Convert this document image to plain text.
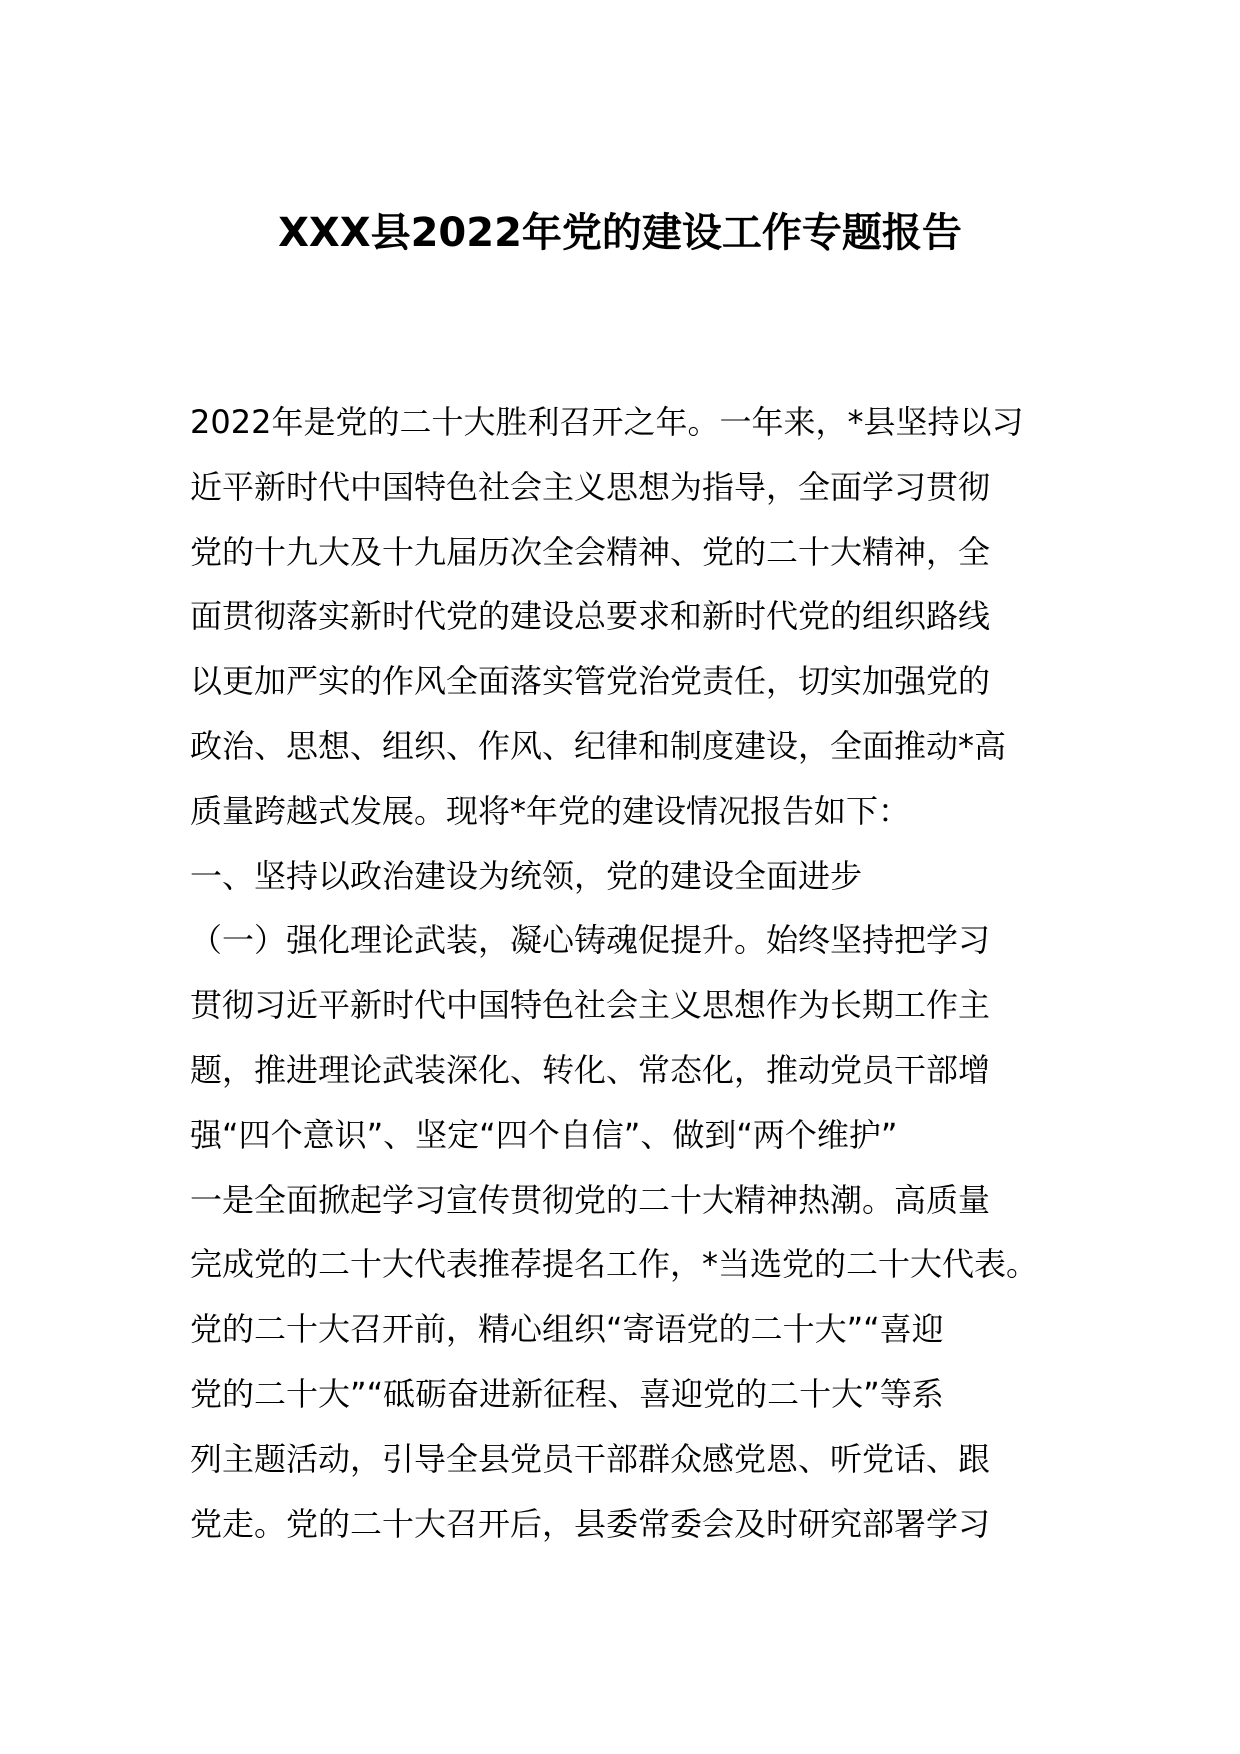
XXX县2022年党的建设工作专题报告
2022年是党的二十大胜利召开之年。一年来，*县坚持以习
近平新时代中国特色社会主义思想为指导，全面学习贯彻
党的十九大及十九届历次全会精神、党的二十大精神，全
面贯彻落实新时代党的建设总要求和新时代党的组织路线
以更加严实的作风全面落实管党治党责任，切实加强党的
政治、思想、组织、作风、纪律和制度建设，全面推动*高
质量跨越式发展。现将*年党的建设情况报告如下：
一、坚持以政治建设为统领，党的建设全面进步
（一）强化理论武装，凝心铸魂促提升。始终坚持把学习
贯彻习近平新时代中国特色社会主义思想作为长期工作主
题，推进理论武装深化、转化、常态化，推动党员干部增
强“四个意识”、坚定“四个自信”、做到“两个维护”
一是全面掀起学习宣传贯彻党的二十大精神热潮。高质量
完成党的二十大代表推荐提名工作，*当选党的二十大代表。
党的二十大召开前，精心组织“寄语党的二十大”“喜迎
党的二十大”“砥砺奋进新征程、喜迎党的二十大”等系
列主题活动，引导全县党员干部群众感党恩、听党话、跟
党走。党的二十大召开后，县委常委会及时研究部署学习
